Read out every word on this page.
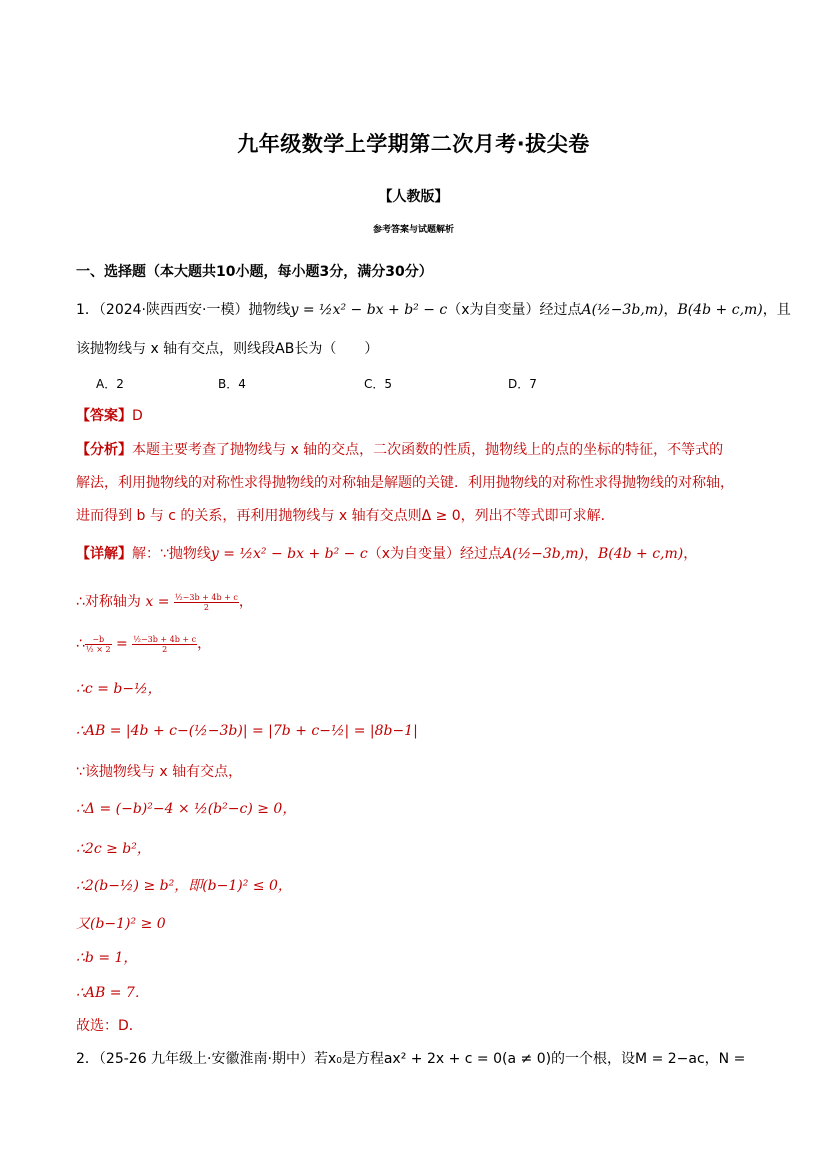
九年级数学上学期第二次月考·拔尖卷
【人教版】
参考答案与试题解析
一、选择题（本大题共10小题，每小题3分，满分30分）
1．（2024·陕西西安·一模）抛物线y = ½x² − bx + b² − c（x为自变量）经过点A(½−3b,m)，B(4b + c,m)，且
该抛物线与 x 轴有交点，则线段AB长为（　　）
A．2	B．4	C．5	D．7
【答案】D
【分析】本题主要考查了抛物线与 x 轴的交点，二次函数的性质，抛物线上的点的坐标的特征，不等式的
解法，利用抛物线的对称性求得抛物线的对称轴是解题的关键．利用抛物线的对称性求得抛物线的对称轴，
进而得到 b 与 c 的关系，再利用抛物线与 x 轴有交点则Δ ≥ 0，列出不等式即可求解．
【详解】解：∵抛物线y = ½x² − bx + b² − c（x为自变量）经过点A(½−3b,m)，B(4b + c,m)，
∴对称轴为 $x = \frac{\text{½−3b + 4b + c}}{2}$ ，
∴ $\frac{-b}{\text{½ × 2}} = \frac{\text{½−3b + 4b + c}}{2}$ ，
∴c = b−½，
∴AB = |4b + c−(½−3b)| = |7b + c−½| = |8b−1|
∵该抛物线与 x 轴有交点，
∴Δ = (−b)²−4 × ½(b²−c) ≥ 0，
∴2c ≥ b²，
∴2(b−½) ≥ b²，即(b−1)² ≤ 0，
又(b−1)² ≥ 0
∴b = 1，
∴AB = 7．
故选：D．
2．（25-26 九年级上·安徽淮南·期中）若x₀是方程ax² + 2x + c = 0(a ≠ 0)的一个根，设M = 2−ac，N =
